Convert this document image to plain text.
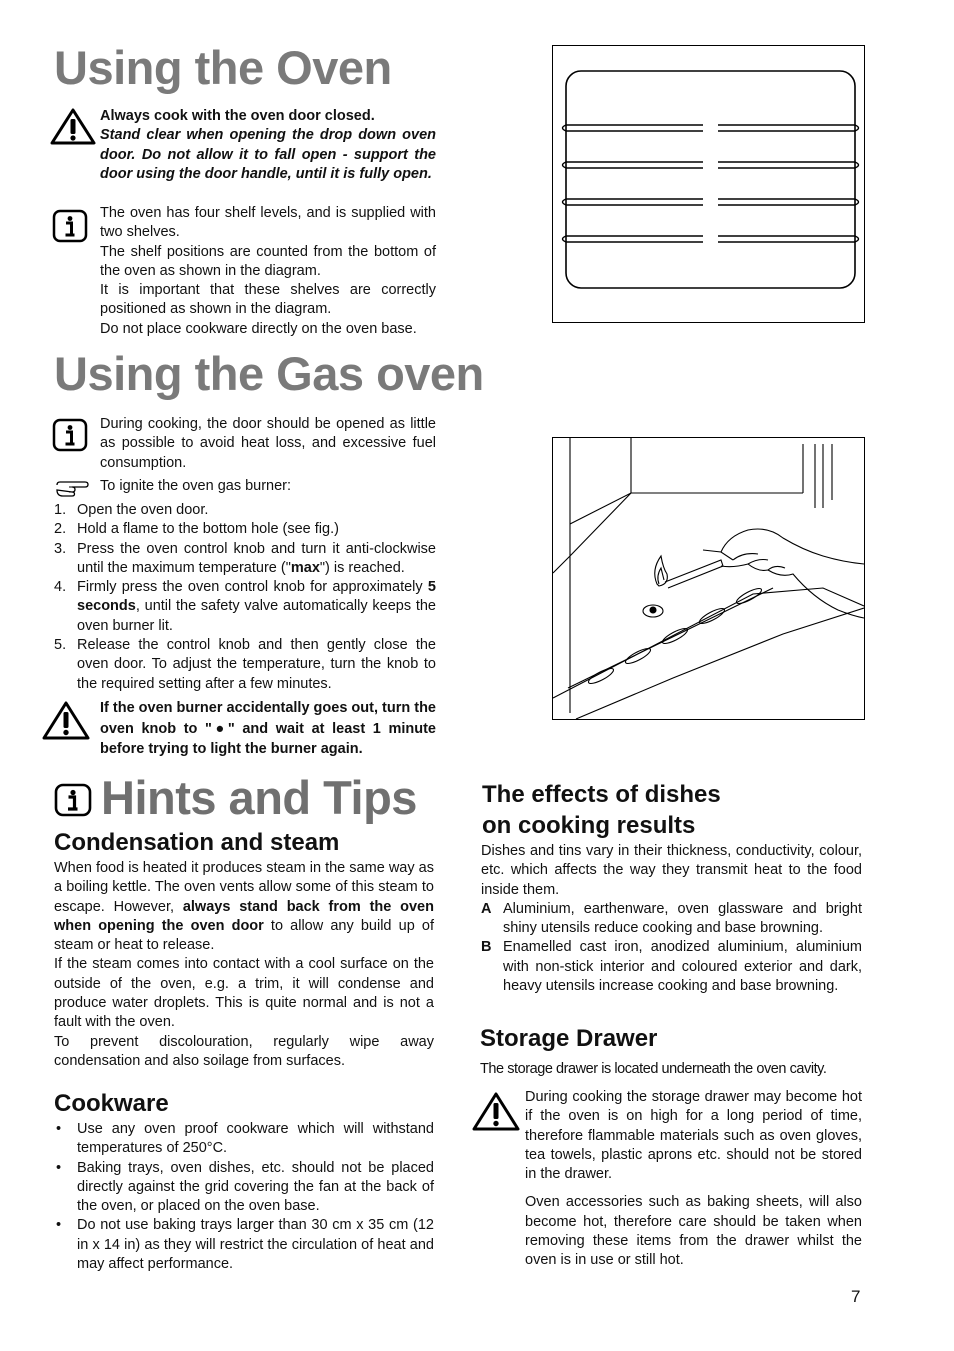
Using the Oven
Always cook with the oven door closed.
Stand clear when opening the drop down oven door. Do not allow it to fall open - support the door using the door handle, until it is fully open.

The oven has four shelf levels, and is supplied with two shelves.

The shelf positions are counted from the bottom of the oven as shown in the diagram.

It is important that these shelves are correctly positioned as shown in the diagram.

Do not place cookware directly on the oven base.

Using the Gas oven
During cooking, the door should be opened as little as possible to avoid heat loss, and excessive fuel consumption.
To ignite the oven gas burner:
1. Open the oven door.
2. Hold a flame to the bottom hole (see fig.)
3. Press the oven control knob and turn it anti-clockwise until the maximum temperature ("max") is reached.
4. Firmly press the oven control knob for approximately 5 seconds, until the safety valve automatically keeps the oven burner lit.
5. Release the control knob and then gently close the oven door. To adjust the temperature, turn the knob to the required setting after a few minutes.
If the oven burner accidentally goes out, turn the oven knob to "●" and wait at least 1 minute before trying to light the burner again.
Hints and Tips
Condensation and steam

When food is heated it produces steam in the same way as a boiling kettle. The oven vents allow some of this steam to escape. However, always stand back from the oven when opening the oven door to allow any build up of steam or heat to release.

If the steam comes into contact with a cool surface on the outside of the oven, e.g. a trim, it will condense and produce water droplets. This is quite normal and is not a fault with the oven.

To prevent discolouration, regularly wipe away condensation and also soilage from surfaces.

Cookware
• Use any oven proof cookware which will withstand temperatures of 250°C.
• Baking trays, oven dishes, etc. should not be placed directly against the grid covering the fan at the back of the oven, or placed on the oven base.
• Do not use baking trays larger than 30 cm x 35 cm (12 in x 14 in) as they will restrict the circulation of heat and may affect performance.
The effects of dishes
on cooking results

Dishes and tins vary in their thickness, conductivity, colour, etc. which affects the way they transmit heat to the food inside them.

A Aluminium, earthenware, oven glassware and bright shiny utensils reduce cooking and base browning.
B Enamelled cast iron, anodized aluminium, aluminium with non-stick interior and coloured exterior and dark, heavy utensils increase cooking and base browning.
Storage Drawer
The storage drawer is located underneath the oven cavity.

During cooking the storage drawer may become hot if the oven is on high for a long period of time, therefore flammable materials such as oven gloves, tea towels, plastic aprons etc. should not be stored in the drawer.

Oven accessories such as baking sheets, will also become hot, therefore care should be taken when removing these items from the drawer whilst the oven is in use or still hot.

7
